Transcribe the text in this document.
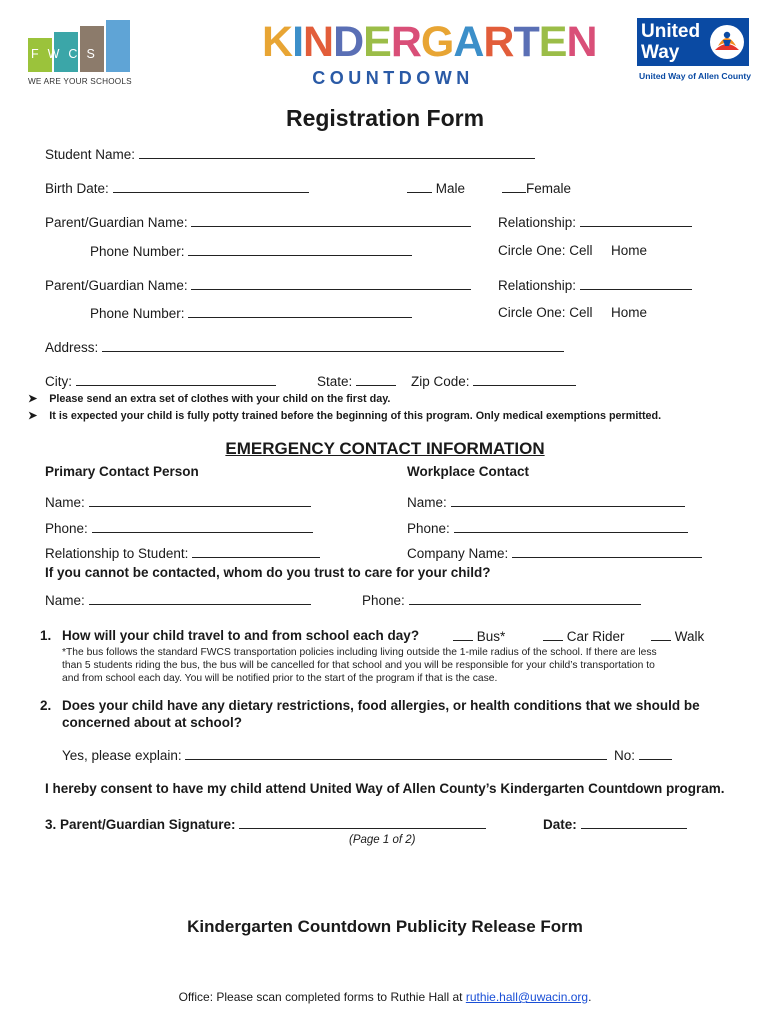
FWCS
WE ARE YOUR SCHOOLS
KINDERGARTEN
COUNTDOWN
United
Way
United Way of Allen County
Registration Form
Student Name:
Birth Date:	Male	Female
Parent/Guardian Name:	Relationship:
Phone Number:	Circle One: Cell Home
Parent/Guardian Name:	Relationship:
Phone Number:	Circle One: Cell Home
Address:
City:	State:	Zip Code:
➤ Please send an extra set of clothes with your child on the first day.
➤ It is expected your child is fully potty trained before the beginning of this program. Only medical exemptions permitted.
EMERGENCY CONTACT INFORMATION
Primary Contact Person	Workplace Contact
Name:	Name:
Phone:	Phone:
Relationship to Student:	Company Name:
If you cannot be contacted, whom do you trust to care for your child?
Name:	Phone:
1. How will your child travel to and from school each day?	Bus*	Car Rider	Walk
*The bus follows the standard FWCS transportation policies including living outside the 1-mile radius of the school. If there are less
than 5 students riding the bus, the bus will be cancelled for that school and you will be responsible for your child’s transportation to
and from school each day. You will be notified prior to the start of the program if that is the case.
2. Does your child have any dietary restrictions, food allergies, or health conditions that we should be
concerned about at school?
Yes, please explain:	No:
I hereby consent to have my child attend United Way of Allen County’s Kindergarten Countdown program.
3. Parent/Guardian Signature:	Date:
(Page 1 of 2)
Kindergarten Countdown Publicity Release Form
Office: Please scan completed forms to Ruthie Hall at ruthie.hall@uwacin.org.
